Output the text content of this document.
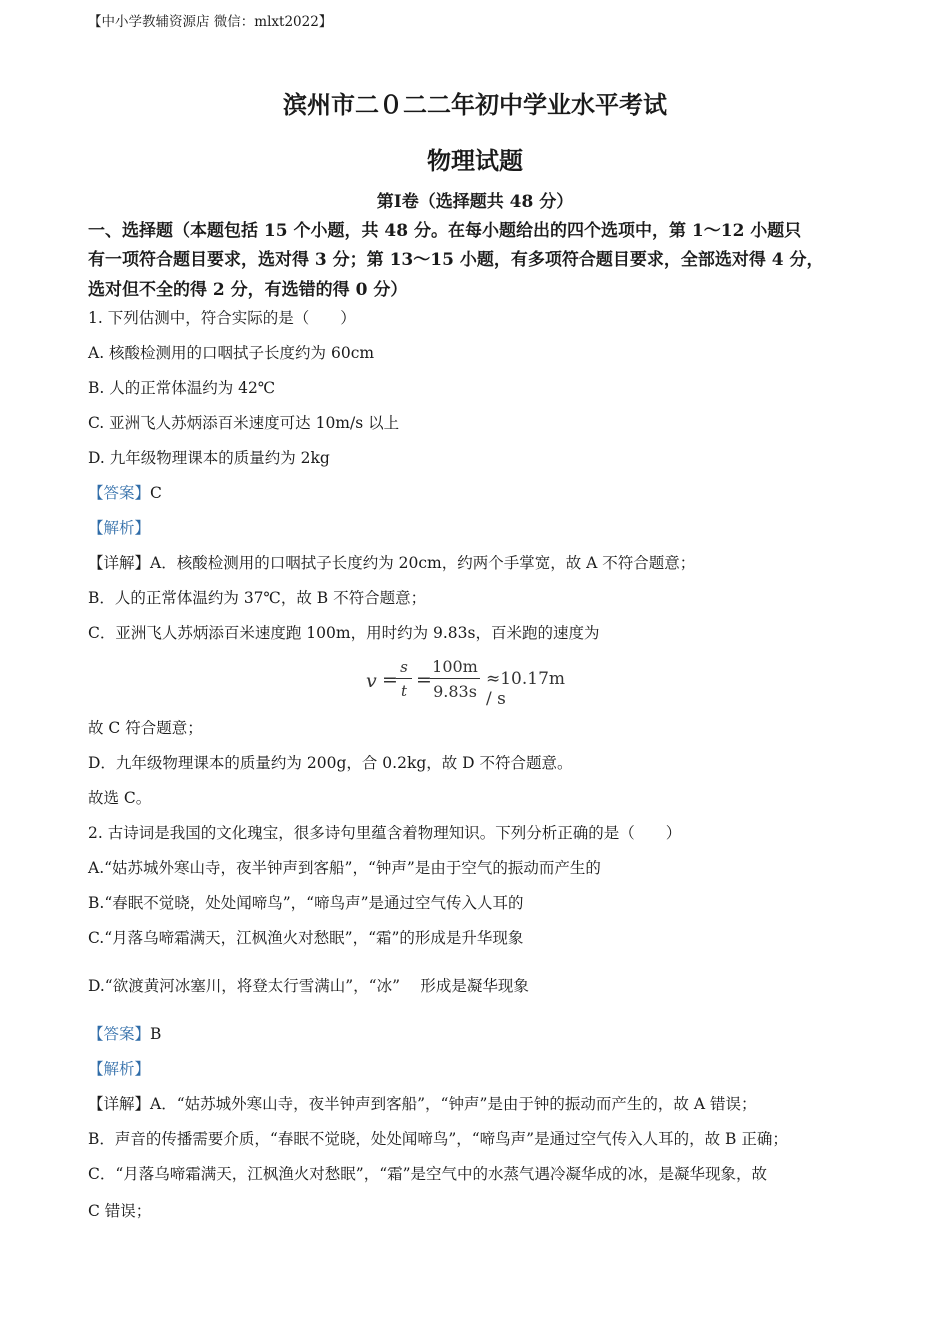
【中小学教辅资源店 微信：mlxt2022】
滨州市二０二二年初中学业水平考试
物理试题
第Ⅰ卷（选择题共 48 分）
一、选择题（本题包括 15 个小题，共 48 分。在每小题给出的四个选项中，第 1～12 小题只
有一项符合题目要求，选对得 3 分；第 13～15 小题，有多项符合题目要求，全部选对得 4 分，
选对但不全的得 2 分，有选错的得 0 分）
1. 下列估测中，符合实际的是（　　）
A. 核酸检测用的口咽拭子长度约为 60cm
B. 人的正常体温约为 42℃
C. 亚洲飞人苏炳添百米速度可达 10m/s 以上
D. 九年级物理课本的质量约为 2kg
【答案】C
【解析】
【详解】A．核酸检测用的口咽拭子长度约为 20cm，约两个手掌宽，故 A 不符合题意；
B．人的正常体温约为 37℃，故 B 不符合题意；
C．亚洲飞人苏炳添百米速度跑 100m，用时约为 9.83s，百米跑的速度为
v =
s
t =
$\frac{100m}{9.83s} \approx 10.17m / s$
故 C 符合题意；
D．九年级物理课本的质量约为 200g，合 0.2kg，故 D 不符合题意。
故选 C。
2. 古诗词是我国的文化瑰宝，很多诗句里蕴含着物理知识。下列分析正确的是（　　）
A.“姑苏城外寒山寺，夜半钟声到客船”，“钟声”是由于空气的振动而产生的
B.“春眠不觉晓，处处闻啼鸟”，“啼鸟声”是通过空气传入人耳的
C.“月落乌啼霜满天，江枫渔火对愁眠”，“霜”的形成是升华现象
D.“欲渡黄河冰塞川，将登太行雪满山”，“冰”　 形成是凝华现象
【答案】B
【解析】
【详解】A．“姑苏城外寒山寺，夜半钟声到客船”，“钟声”是由于钟的振动而产生的，故 A 错误；
B．声音的传播需要介质，“春眠不觉晓，处处闻啼鸟”，“啼鸟声”是通过空气传入人耳的，故 B 正确；
C．“月落乌啼霜满天，江枫渔火对愁眠”，“霜”是空气中的水蒸气遇冷凝华成的冰，是凝华现象，故
C 错误；
